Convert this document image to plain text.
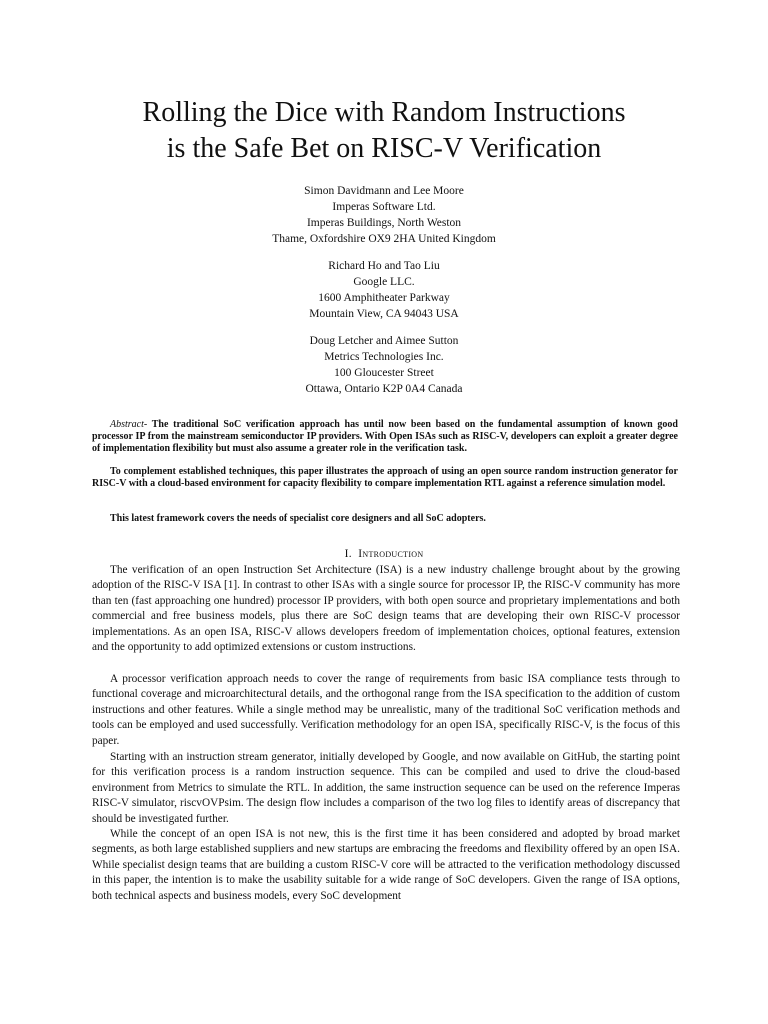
Rolling the Dice with Random Instructions
is the Safe Bet on RISC-V Verification
Simon Davidmann and Lee Moore
Imperas Software Ltd.
Imperas Buildings, North Weston
Thame, Oxfordshire OX9 2HA United Kingdom
Richard Ho and Tao Liu
Google LLC.
1600 Amphitheater Parkway
Mountain View, CA 94043 USA
Doug Letcher and Aimee Sutton
Metrics Technologies Inc.
100 Gloucester Street
Ottawa, Ontario K2P 0A4 Canada
Abstract- The traditional SoC verification approach has until now been based on the fundamental assumption of known good processor IP from the mainstream semiconductor IP providers. With Open ISAs such as RISC-V, developers can exploit a greater degree of implementation flexibility but must also assume a greater role in the verification task.
To complement established techniques, this paper illustrates the approach of using an open source random instruction generator for RISC-V with a cloud-based environment for capacity flexibility to compare implementation RTL against a reference simulation model.
This latest framework covers the needs of specialist core designers and all SoC adopters.
I. Introduction
The verification of an open Instruction Set Architecture (ISA) is a new industry challenge brought about by the growing adoption of the RISC-V ISA [1]. In contrast to other ISAs with a single source for processor IP, the RISC-V community has more than ten (fast approaching one hundred) processor IP providers, with both open source and proprietary implementations and both commercial and free business models, plus there are SoC design teams that are developing their own RISC-V processor implementations. As an open ISA, RISC-V allows developers freedom of implementation choices, optional features, extension and the opportunity to add optimized extensions or custom instructions.
A processor verification approach needs to cover the range of requirements from basic ISA compliance tests through to functional coverage and microarchitectural details, and the orthogonal range from the ISA specification to the addition of custom instructions and other features. While a single method may be unrealistic, many of the traditional SoC verification methods and tools can be employed and used successfully. Verification methodology for an open ISA, specifically RISC-V, is the focus of this paper.
Starting with an instruction stream generator, initially developed by Google, and now available on GitHub, the starting point for this verification process is a random instruction sequence. This can be compiled and used to drive the cloud-based environment from Metrics to simulate the RTL. In addition, the same instruction sequence can be used on the reference Imperas RISC-V simulator, riscvOVPsim. The design flow includes a comparison of the two log files to identify areas of discrepancy that should be investigated further.
While the concept of an open ISA is not new, this is the first time it has been considered and adopted by broad market segments, as both large established suppliers and new startups are embracing the freedoms and flexibility offered by an open ISA. While specialist design teams that are building a custom RISC-V core will be attracted to the verification methodology discussed in this paper, the intention is to make the usability suitable for a wide range of SoC developers. Given the range of ISA options, both technical aspects and business models, every SoC development
